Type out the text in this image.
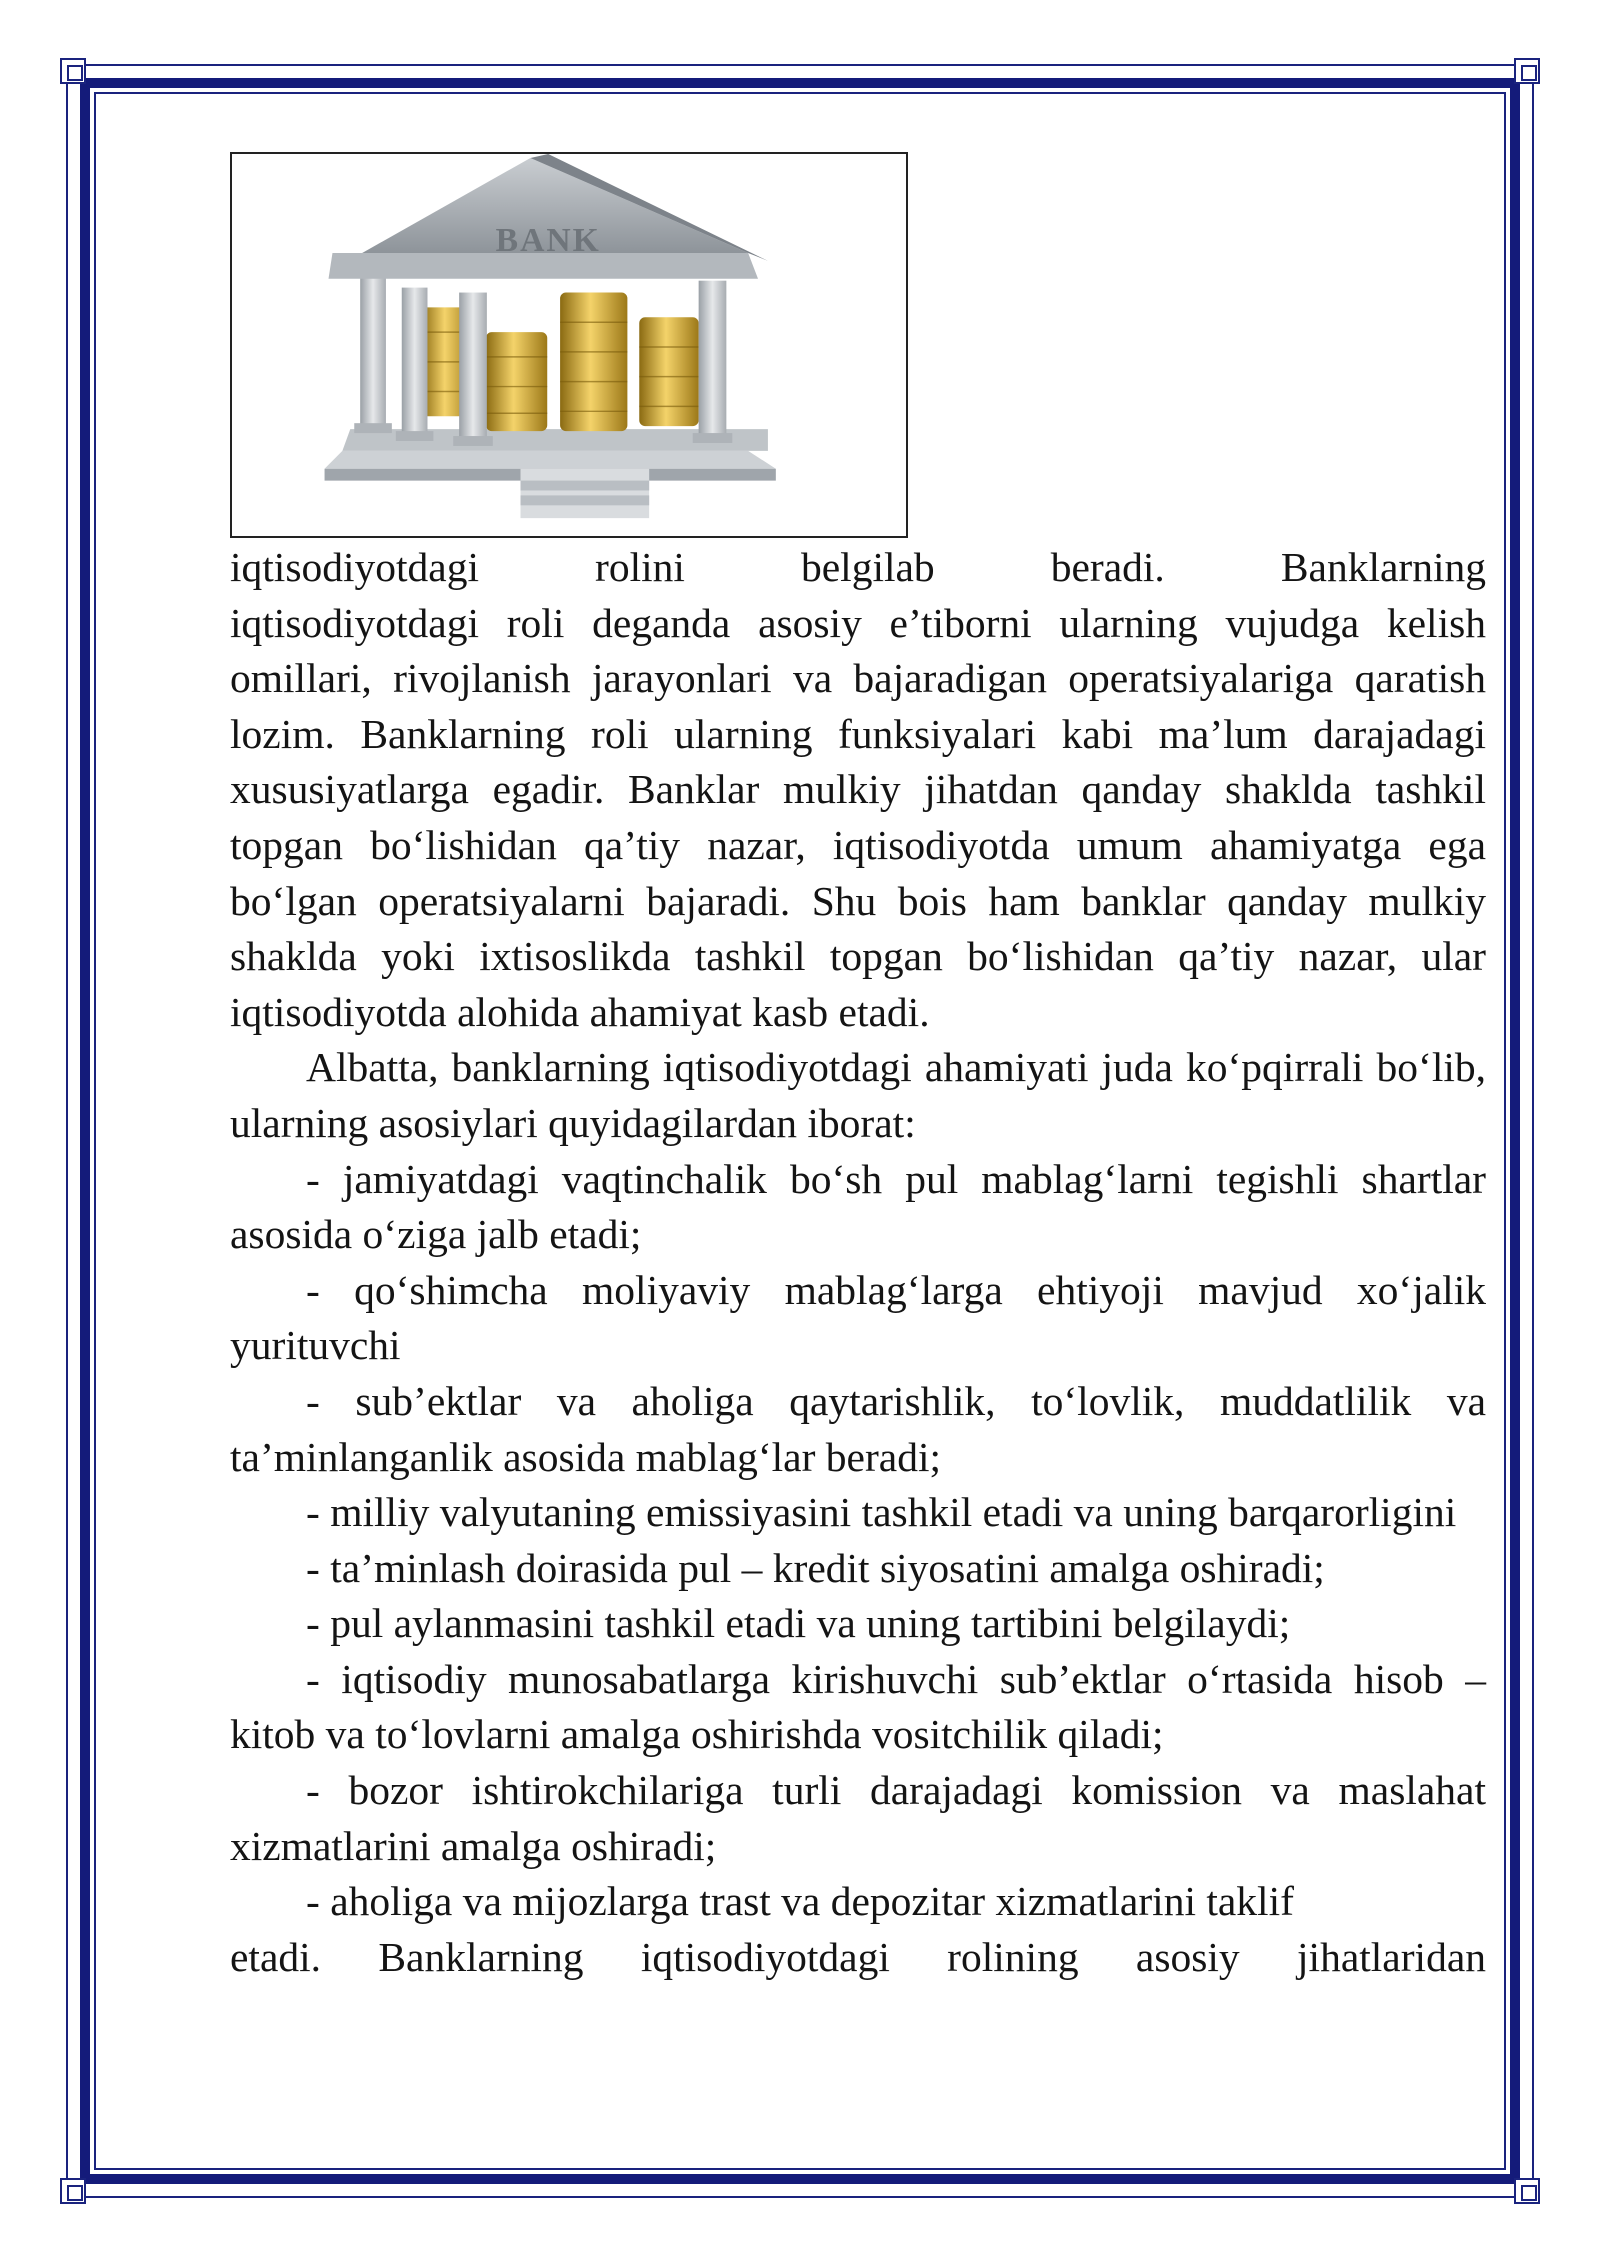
BANK

iqtisodiyotdagi rolini belgilab beradi. Banklarning

iqtisodiyotdagi roli deganda asosiy e’tiborni ularning vujudga kelish omillari, rivojlanish jarayonlari va bajaradigan operatsiyalariga qaratish lozim. Banklarning roli ularning funksiyalari kabi ma’lum darajadagi xususiyatlarga egadir. Banklar mulkiy jihatdan qanday shaklda tashkil topgan bo‘lishidan qa’tiy nazar, iqtisodiyotda umum ahamiyatga ega bo‘lgan operatsiyalarni bajaradi. Shu bois ham banklar qanday mulkiy shaklda yoki ixtisoslikda tashkil topgan bo‘lishidan qa’tiy nazar, ular iqtisodiyotda alohida ahamiyat kasb etadi.

Albatta, banklarning iqtisodiyotdagi ahamiyati juda ko‘pqirrali bo‘lib, ularning asosiylari quyidagilardan iborat:

- jamiyatdagi vaqtinchalik bo‘sh pul mablag‘larni tegishli shartlar asosida o‘ziga jalb etadi;

- qo‘shimcha moliyaviy mablag‘larga ehtiyoji mavjud xo‘jalik yurituvchi

- sub’ektlar va aholiga qaytarishlik, to‘lovlik, muddatlilik va ta’minlanganlik asosida mablag‘lar beradi;

- milliy valyutaning emissiyasini tashkil etadi va uning barqarorligini

- ta’minlash doirasida pul – kredit siyosatini amalga oshiradi;

- pul aylanmasini tashkil etadi va uning tartibini belgilaydi;

- iqtisodiy munosabatlarga kirishuvchi sub’ektlar o‘rtasida hisob – kitob va to‘lovlarni amalga oshirishda vositchilik qiladi;

- bozor ishtirokchilariga turli darajadagi komission va maslahat xizmatlarini amalga oshiradi;

- aholiga va mijozlarga trast va depozitar xizmatlarini taklif

etadi. Banklarning iqtisodiyotdagi rolining asosiy jihatlaridan
